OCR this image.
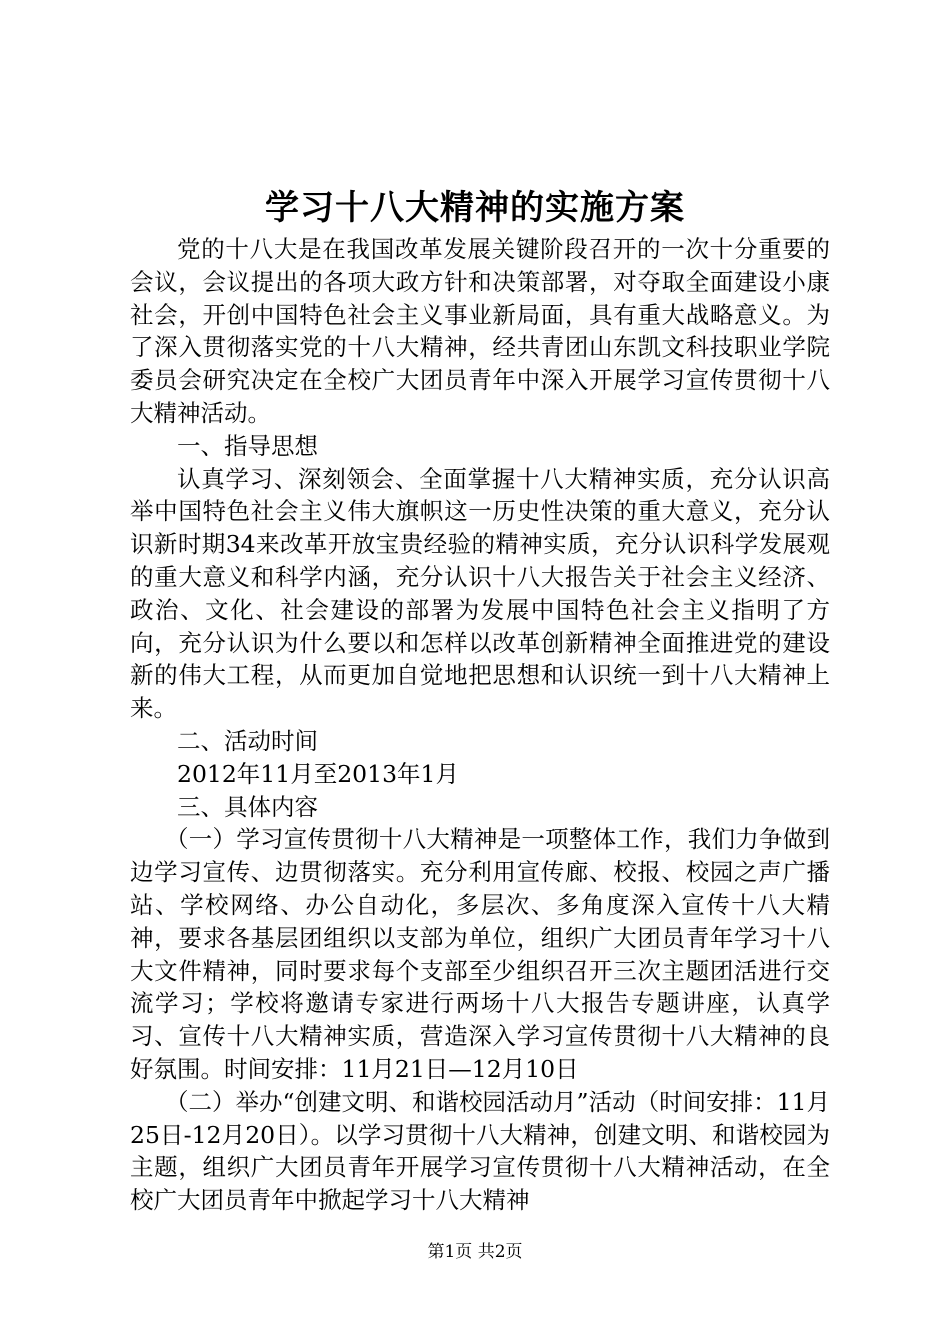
学习十八大精神的实施方案

党的十八大是在我国改革发展关键阶段召开的一次十分重要的会议，会议提出的各项大政方针和决策部署，对夺取全面建设小康社会，开创中国特色社会主义事业新局面，具有重大战略意义。为了深入贯彻落实党的十八大精神，经共青团山东凯文科技职业学院委员会研究决定在全校广大团员青年中深入开展学习宣传贯彻十八大精神活动。

一、指导思想

认真学习、深刻领会、全面掌握十八大精神实质，充分认识高举中国特色社会主义伟大旗帜这一历史性决策的重大意义，充分认识新时期34来改革开放宝贵经验的精神实质，充分认识科学发展观的重大意义和科学内涵，充分认识十八大报告关于社会主义经济、政治、文化、社会建设的部署为发展中国特色社会主义指明了方向，充分认识为什么要以和怎样以改革创新精神全面推进党的建设新的伟大工程，从而更加自觉地把思想和认识统一到十八大精神上来。

二、活动时间

2012年11月至2013年1月

三、具体内容

（一）学习宣传贯彻十八大精神是一项整体工作，我们力争做到边学习宣传、边贯彻落实。充分利用宣传廊、校报、校园之声广播站、学校网络、办公自动化，多层次、多角度深入宣传十八大精神，要求各基层团组织以支部为单位，组织广大团员青年学习十八大文件精神，同时要求每个支部至少组织召开三次主题团活进行交流学习；学校将邀请专家进行两场十八大报告专题讲座，认真学习、宣传十八大精神实质，营造深入学习宣传贯彻十八大精神的良好氛围。时间安排：11月21日—12月10日

（二）举办“创建文明、和谐校园活动月”活动（时间安排：11月25日-12月20日）。以学习贯彻十八大精神，创建文明、和谐校园为主题，组织广大团员青年开展学习宣传贯彻十八大精神活动，在全校广大团员青年中掀起学习十八大精神

第1页 共2页
